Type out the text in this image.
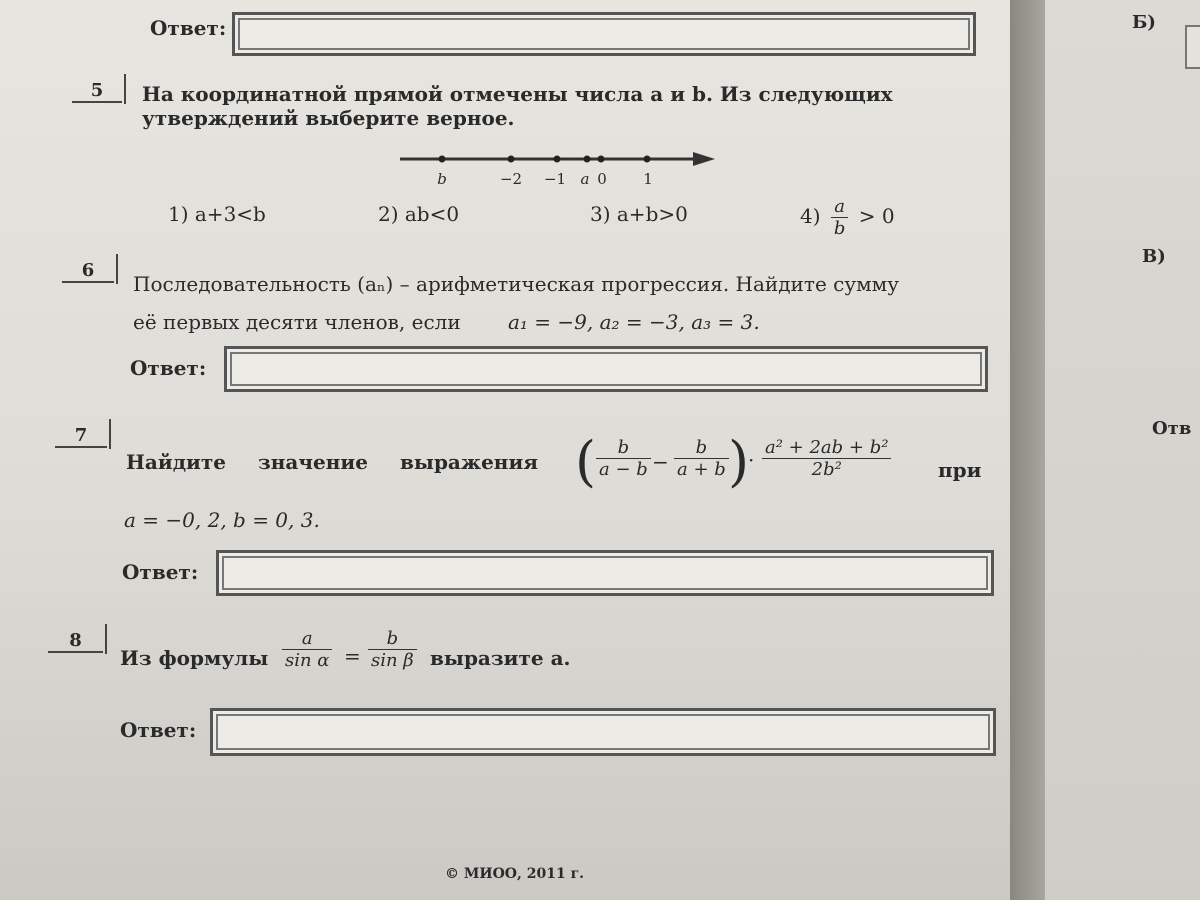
Ответ:
5	На координатной прямой отмечены числа a и b. Из следующих
утверждений выберите верное.
b	−2 −1 a 0 1
1) a+3<b	2) ab<0	3) a+b>0	$4) \frac{a}{b} > 0$
6
Последовательность (aₙ) – арифметическая прогрессия. Найдите сумму
её первых десяти членов, если a₁ = −9, a₂ = −3, a₃ = 3.
Ответ:
7
Найдите значение выражения ( $\frac{b}{a - b} - \frac{b}{a + b}$ )
· $\frac{\text{a² + 2ab + b²}}{\text{2b²}}$ при
a = −0, 2, b = 0, 3.
Ответ:
8
Из формулы $\frac{a}{\text{sin α}} = \frac{b}{\text{sin β}}$ выразите a.
Ответ:
© МИОО, 2011 г.
Б)
В)
Отв
